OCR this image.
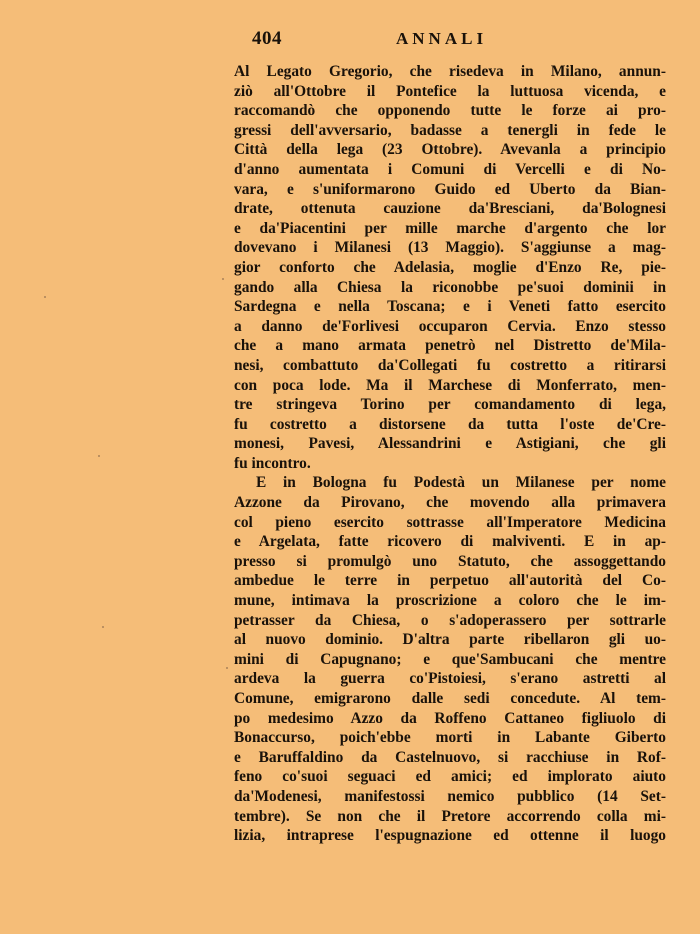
404	ANNALI
Al Legato Gregorio, che risedeva in Milano, annun-
ziò all'Ottobre il Pontefice la luttuosa vicenda, e
raccomandò che opponendo tutte le forze ai pro-
gressi dell'avversario, badasse a tenergli in fede le
Città della lega (23 Ottobre). Avevanla a principio
d'anno aumentata i Comuni di Vercelli e di No-
vara, e s'uniformarono Guido ed Uberto da Bian-
drate, ottenuta cauzione da'Bresciani, da'Bolognesi
e da'Piacentini per mille marche d'argento che lor
dovevano i Milanesi (13 Maggio). S'aggiunse a mag-
gior conforto che Adelasia, moglie d'Enzo Re, pie-
gando alla Chiesa la riconobbe pe'suoi dominii in
Sardegna e nella Toscana; e i Veneti fatto esercito
a danno de'Forlivesi occuparon Cervia. Enzo stesso
che a mano armata penetrò nel Distretto de'Mila-
nesi, combattuto da'Collegati fu costretto a ritirarsi
con poca lode. Ma il Marchese di Monferrato, men-
tre stringeva Torino per comandamento di lega,
fu costretto a distorsene da tutta l'oste de'Cre-
monesi, Pavesi, Alessandrini e Astigiani, che gli
fu incontro.
E in Bologna fu Podestà un Milanese per nome
Azzone da Pirovano, che movendo alla primavera
col pieno esercito sottrasse all'Imperatore Medicina
e Argelata, fatte ricovero di malviventi. E in ap-
presso si promulgò uno Statuto, che assoggettando
ambedue le terre in perpetuo all'autorità del Co-
mune, intimava la proscrizione a coloro che le im-
petrasser da Chiesa, o s'adoperassero per sottrarle
al nuovo dominio. D'altra parte ribellaron gli uo-
mini di Capugnano; e que'Sambucani che mentre
ardeva la guerra co'Pistoiesi, s'erano astretti al
Comune, emigrarono dalle sedi concedute. Al tem-
po medesimo Azzo da Roffeno Cattaneo figliuolo di
Bonaccurso, poich'ebbe morti in Labante Giberto
e Baruffaldino da Castelnuovo, si racchiuse in Rof-
feno co'suoi seguaci ed amici; ed implorato aiuto
da'Modenesi, manifestossi nemico pubblico (14 Set-
tembre). Se non che il Pretore accorrendo colla mi-
lizia, intraprese l'espugnazione ed ottenne il luogo
